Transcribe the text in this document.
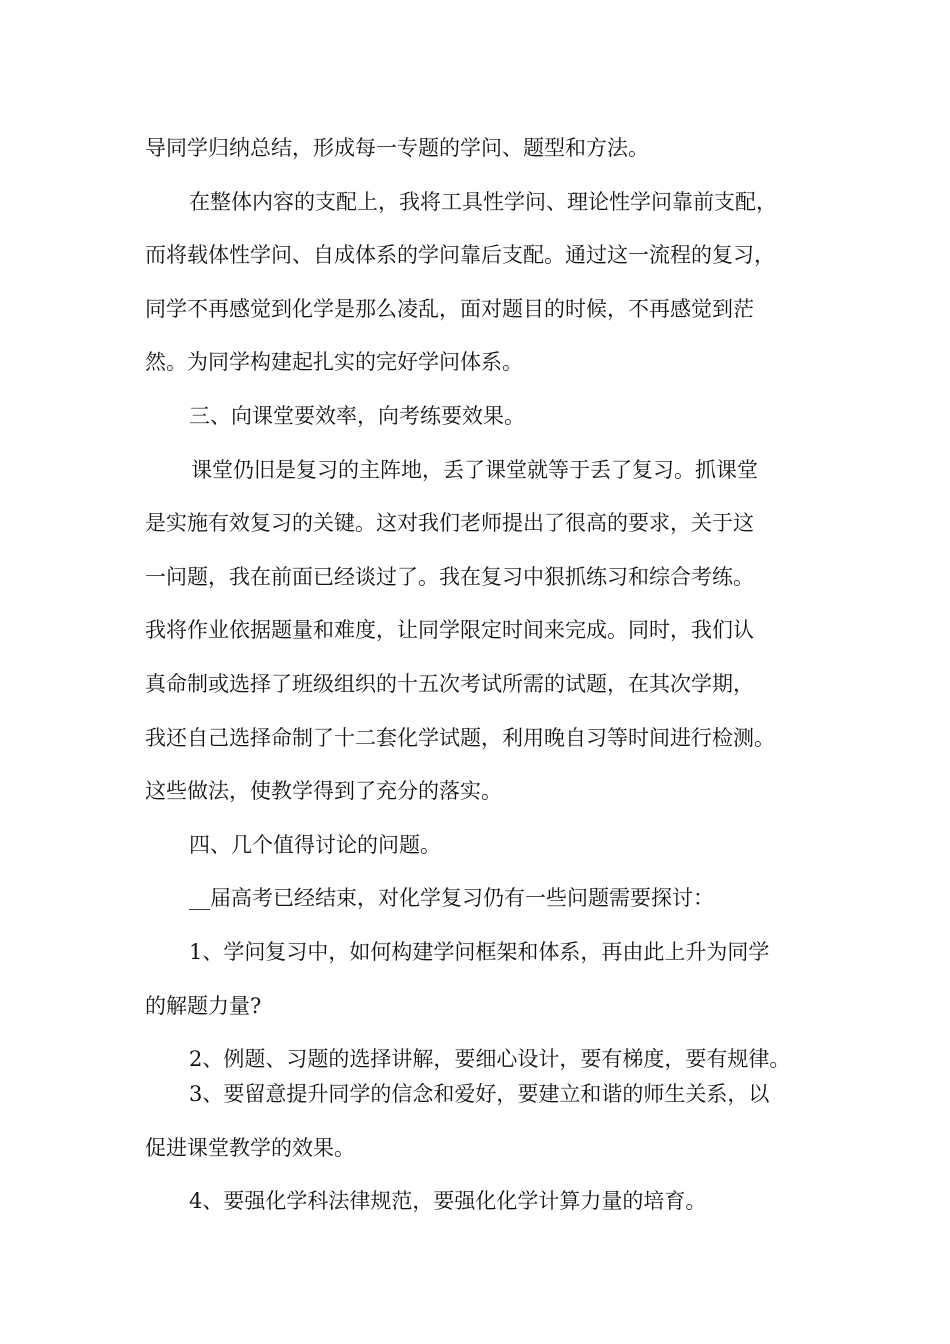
导同学归纳总结，形成每一专题的学问、题型和方法。
在整体内容的支配上，我将工具性学问、理论性学问靠前支配，
而将载体性学问、自成体系的学问靠后支配。通过这一流程的复习，
同学不再感觉到化学是那么凌乱，面对题目的时候，不再感觉到茫
然。为同学构建起扎实的完好学问体系。
三、向课堂要效率，向考练要效果。
课堂仍旧是复习的主阵地，丢了课堂就等于丢了复习。抓课堂
是实施有效复习的关键。这对我们老师提出了很高的要求，关于这
一问题，我在前面已经谈过了。我在复习中狠抓练习和综合考练。
我将作业依据题量和难度，让同学限定时间来完成。同时，我们认
真命制或选择了班级组织的十五次考试所需的试题，在其次学期，
我还自己选择命制了十二套化学试题，利用晚自习等时间进行检测。
这些做法，使教学得到了充分的落实。
四、几个值得讨论的问题。
__届高考已经结束，对化学复习仍有一些问题需要探讨：
1、学问复习中，如何构建学问框架和体系，再由此上升为同学
的解题力量?
2、例题、习题的选择讲解，要细心设计，要有梯度，要有规律。
3、要留意提升同学的信念和爱好，要建立和谐的师生关系，以
促进课堂教学的效果。
4、要强化学科法律规范，要强化化学计算力量的培育。
